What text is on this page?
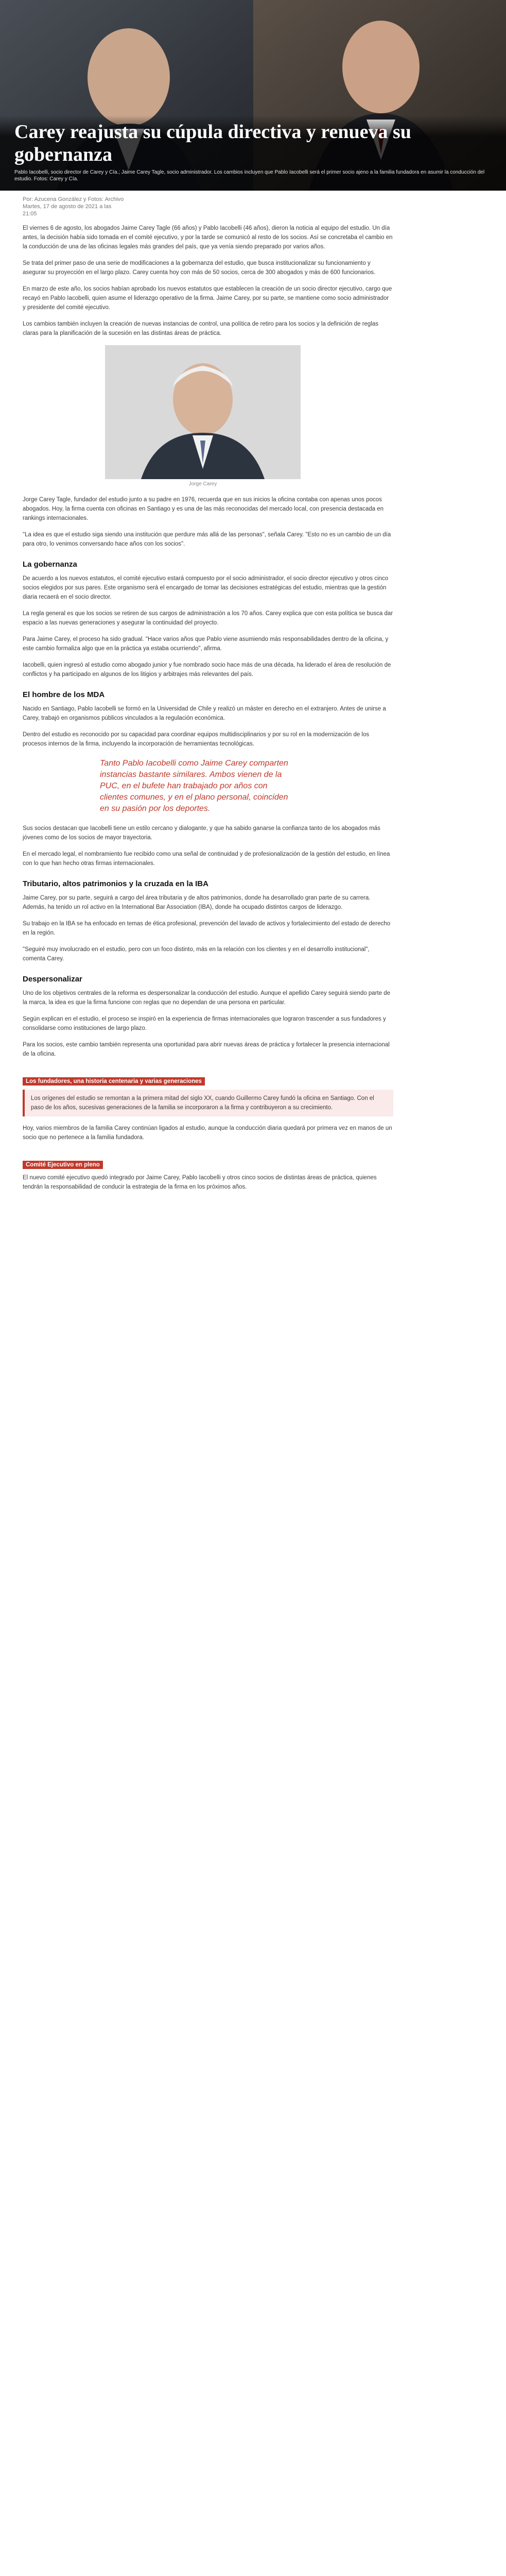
Carey reajusta su cúpula directiva y renueva su gobernanza

Pablo Iacobelli, socio director de Carey y Cía.; Jaime Carey Tagle, socio administrador. Los cambios incluyen que Pablo Iacobelli será el primer socio ajeno a la familia fundadora en asumir la conducción del estudio. Fotos: Carey y Cía.

Por: Azucena González y Fotos: Archivo
Martes, 17 de agosto de 2021 a las
21:05

El viernes 6 de agosto, los abogados Jaime Carey Tagle (66 años) y Pablo Iacobelli (46 años), dieron la noticia al equipo del estudio. Un día antes, la decisión había sido tomada en el comité ejecutivo, y por la tarde se comunicó al resto de los socios. Así se concretaba el cambio en la conducción de una de las oficinas legales más grandes del país, que ya venía siendo preparado por varios años.

Se trata del primer paso de una serie de modificaciones a la gobernanza del estudio, que busca institucionalizar su funcionamiento y asegurar su proyección en el largo plazo. Carey cuenta hoy con más de 50 socios, cerca de 300 abogados y más de 600 funcionarios.

En marzo de este año, los socios habían aprobado los nuevos estatutos que establecen la creación de un socio director ejecutivo, cargo que recayó en Pablo Iacobelli, quien asume el liderazgo operativo de la firma. Jaime Carey, por su parte, se mantiene como socio administrador y presidente del comité ejecutivo.

Los cambios también incluyen la creación de nuevas instancias de control, una política de retiro para los socios y la definición de reglas claras para la planificación de la sucesión en las distintas áreas de práctica.

Jorge Carey

Jorge Carey Tagle, fundador del estudio junto a su padre en 1976, recuerda que en sus inicios la oficina contaba con apenas unos pocos abogados. Hoy, la firma cuenta con oficinas en Santiago y es una de las más reconocidas del mercado local, con presencia destacada en rankings internacionales.

"La idea es que el estudio siga siendo una institución que perdure más allá de las personas", señala Carey. "Esto no es un cambio de un día para otro, lo venimos conversando hace años con los socios".

La gobernanza

De acuerdo a los nuevos estatutos, el comité ejecutivo estará compuesto por el socio administrador, el socio director ejecutivo y otros cinco socios elegidos por sus pares. Este organismo será el encargado de tomar las decisiones estratégicas del estudio, mientras que la gestión diaria recaerá en el socio director.

La regla general es que los socios se retiren de sus cargos de administración a los 70 años. Carey explica que con esta política se busca dar espacio a las nuevas generaciones y asegurar la continuidad del proyecto.

Para Jaime Carey, el proceso ha sido gradual. "Hace varios años que Pablo viene asumiendo más responsabilidades dentro de la oficina, y este cambio formaliza algo que en la práctica ya estaba ocurriendo", afirma.

Iacobelli, quien ingresó al estudio como abogado junior y fue nombrado socio hace más de una década, ha liderado el área de resolución de conflictos y ha participado en algunos de los litigios y arbitrajes más relevantes del país.

El hombre de los MDA

Nacido en Santiago, Pablo Iacobelli se formó en la Universidad de Chile y realizó un máster en derecho en el extranjero. Antes de unirse a Carey, trabajó en organismos públicos vinculados a la regulación económica.

Dentro del estudio es reconocido por su capacidad para coordinar equipos multidisciplinarios y por su rol en la modernización de los procesos internos de la firma, incluyendo la incorporación de herramientas tecnológicas.

Tanto Pablo Iacobelli como Jaime Carey comparten instancias bastante similares. Ambos vienen de la PUC, en el bufete han trabajado por años con clientes comunes, y en el plano personal, coinciden en su pasión por los deportes.

Sus socios destacan que Iacobelli tiene un estilo cercano y dialogante, y que ha sabido ganarse la confianza tanto de los abogados más jóvenes como de los socios de mayor trayectoria.

En el mercado legal, el nombramiento fue recibido como una señal de continuidad y de profesionalización de la gestión del estudio, en línea con lo que han hecho otras firmas internacionales.

Tributario, altos patrimonios y la cruzada en la IBA

Jaime Carey, por su parte, seguirá a cargo del área tributaria y de altos patrimonios, donde ha desarrollado gran parte de su carrera. Además, ha tenido un rol activo en la International Bar Association (IBA), donde ha ocupado distintos cargos de liderazgo.

Su trabajo en la IBA se ha enfocado en temas de ética profesional, prevención del lavado de activos y fortalecimiento del estado de derecho en la región.

"Seguiré muy involucrado en el estudio, pero con un foco distinto, más en la relación con los clientes y en el desarrollo institucional", comenta Carey.

Despersonalizar

Uno de los objetivos centrales de la reforma es despersonalizar la conducción del estudio. Aunque el apellido Carey seguirá siendo parte de la marca, la idea es que la firma funcione con reglas que no dependan de una persona en particular.

Según explican en el estudio, el proceso se inspiró en la experiencia de firmas internacionales que lograron trascender a sus fundadores y consolidarse como instituciones de largo plazo.

Para los socios, este cambio también representa una oportunidad para abrir nuevas áreas de práctica y fortalecer la presencia internacional de la oficina.

Los fundadores, una historia centenaria y varias generaciones

Los orígenes del estudio se remontan a la primera mitad del siglo XX, cuando Guillermo Carey fundó la oficina en Santiago. Con el paso de los años, sucesivas generaciones de la familia se incorporaron a la firma y contribuyeron a su crecimiento.

Hoy, varios miembros de la familia Carey continúan ligados al estudio, aunque la conducción diaria quedará por primera vez en manos de un socio que no pertenece a la familia fundadora.

Comité Ejecutivo en pleno

El nuevo comité ejecutivo quedó integrado por Jaime Carey, Pablo Iacobelli y otros cinco socios de distintas áreas de práctica, quienes tendrán la responsabilidad de conducir la estrategia de la firma en los próximos años.
